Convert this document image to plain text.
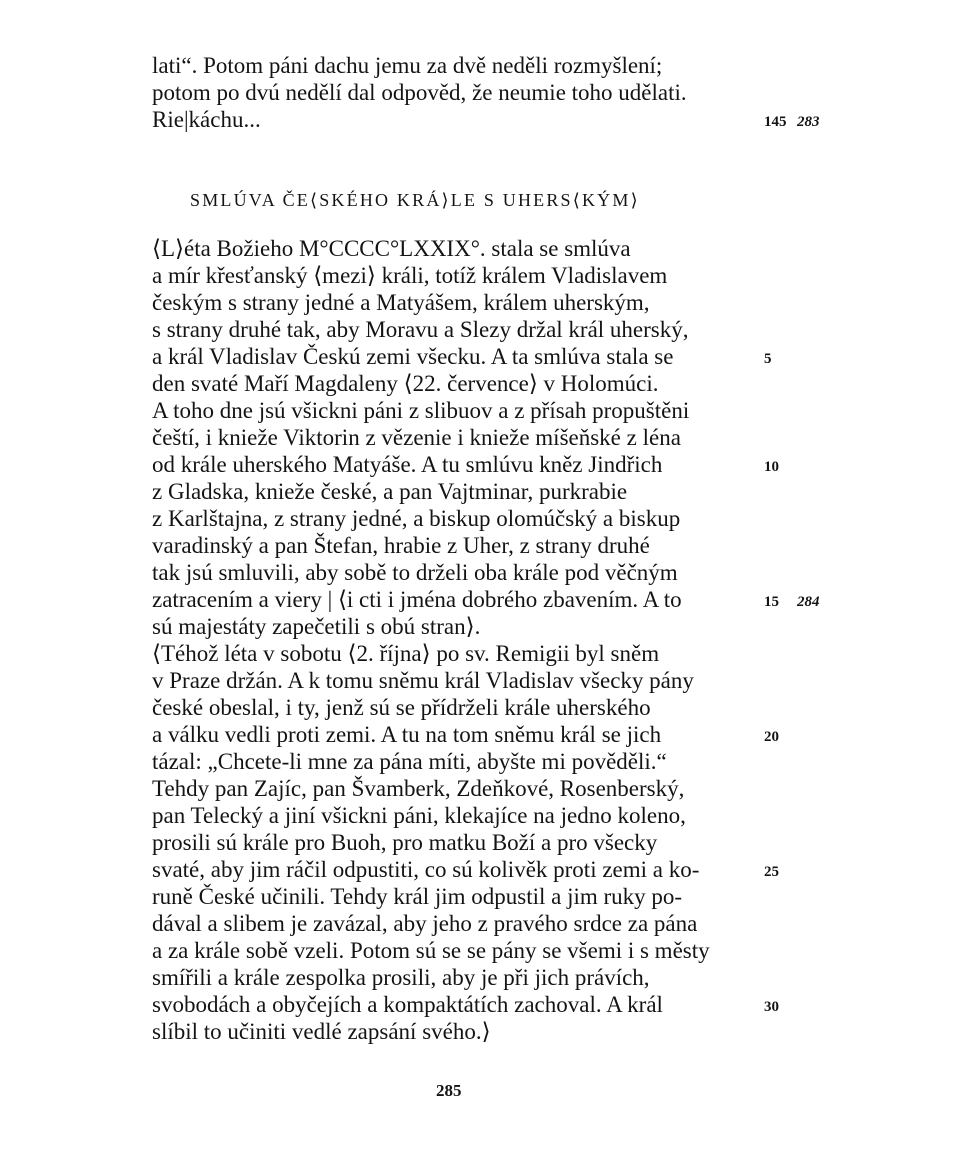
lati“. Potom páni dachu jemu za dvě neděli rozmyšlení;
potom po dvú nedělí dal odpověd, že neumie toho udělati.
Rie|káchu...	145 283
SMLÚVA ČE⟨SKÉHO KRÁ⟩LE S UHERS⟨KÝM⟩
⟨L⟩éta Božieho M°CCCC°LXXIX°. stala se smlúva
a mír křesťanský ⟨mezi⟩ králi, totíž králem Vladislavem
českým s strany jedné a Matyášem, králem uherským,
s strany druhé tak, aby Moravu a Slezy držal král uherský,
a král Vladislav Českú zemi všecku. A ta smlúva stala se
den svaté Maří Magdaleny ⟨22. července⟩ v Holomúci.
A toho dne jsú všickni páni z slibuov a z přísah propuštěni
čeští, i knieže Viktorin z vězenie i knieže míšeňské z léna
od krále uherského Matyáše. A tu smlúvu kněz Jindřich
z Gladska, knieže české, a pan Vajtminar, purkrabie
z Karlštajna, z strany jedné, a biskup olomúčský a biskup
varadinský a pan Štefan, hrabie z Uher, z strany druhé
tak jsú smluvili, aby sobě to drželi oba krále pod věčným
zatracením a viery | ⟨i cti i jména dobrého zbavením. A to
sú majestáty zapečetili s obú stran⟩.
⟨Téhož léta v sobotu ⟨2. října⟩ po sv. Remigii byl sněm
v Praze držán. A k tomu sněmu král Vladislav všecky pány
české obeslal, i ty, jenž sú se přídrželi krále uherského
a válku vedli proti zemi. A tu na tom sněmu král se jich
tázal: „Chcete-li mne za pána míti, abyšte mi pověděli.“
Tehdy pan Zajíc, pan Švamberk, Zdeňkové, Rosenberský,
pan Telecký a jiní všickni páni, klekajíce na jedno koleno,
prosili sú krále pro Buoh, pro matku Boží a pro všecky
svaté, aby jim ráčil odpustiti, co sú kolivěk proti zemi a ko-
runě České učinili. Tehdy král jim odpustil a jim ruky po-
dával a slibem je zavázal, aby jeho z pravého srdce za pána
a za krále sobě vzeli. Potom sú se se pány se všemi i s městy
smířili a krále zespolka prosili, aby je při jich právích,
svobodách a obyčejích a kompaktátích zachoval. A král
slíbil to učiniti vedlé zapsání svého.⟩
5
10
15 284
20
25
30
285
